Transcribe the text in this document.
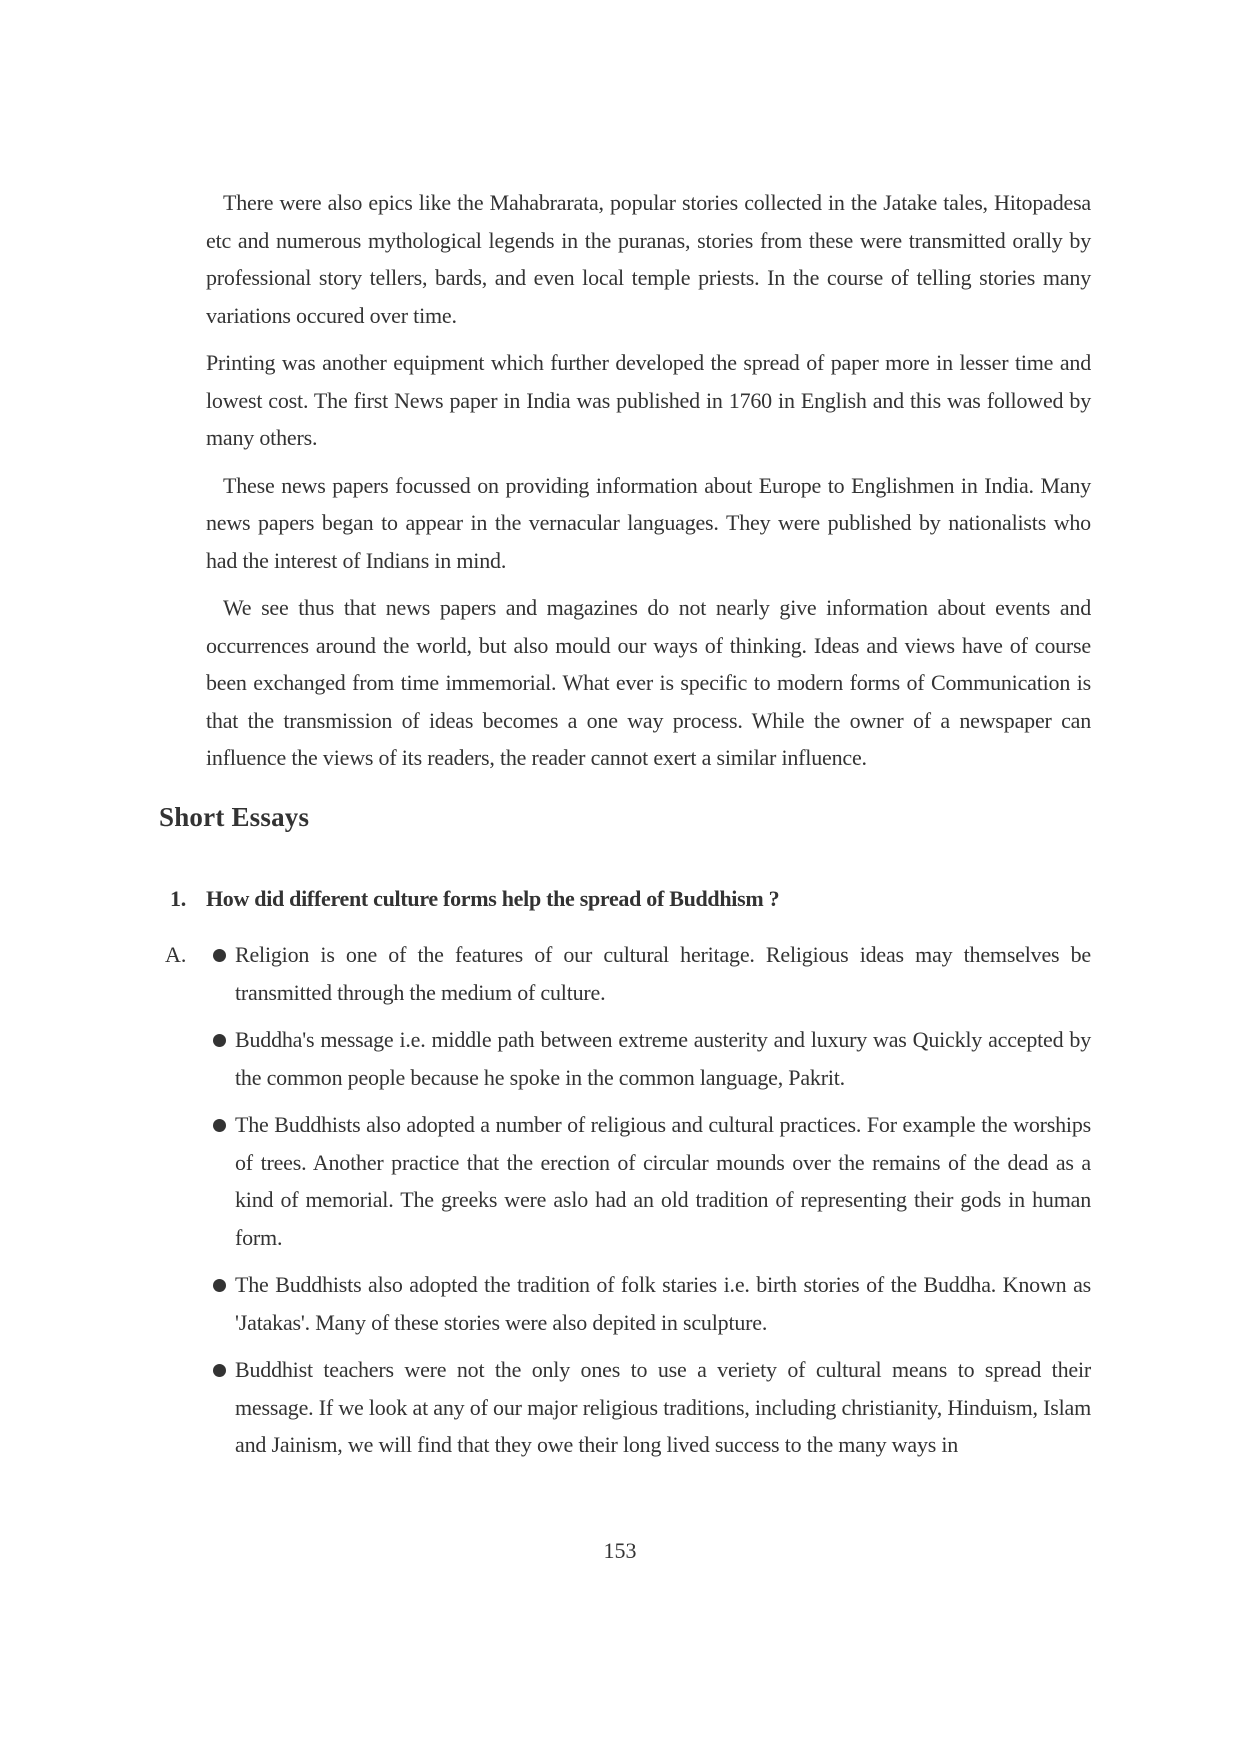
There were also epics like the Mahabrarata, popular stories collected in the Jatake tales, Hitopadesa etc and numerous mythological legends in the puranas, stories from these were transmitted orally by professional story tellers, bards, and even local temple priests. In the course of telling stories many variations occured over time.

Printing was another equipment which further developed the spread of paper more in lesser time and lowest cost. The first News paper in India was published in 1760 in English and this was followed by many others.

These news papers focussed on providing information about Europe to Englishmen in India. Many news papers began to appear in the vernacular languages. They were published by nationalists who had the interest of Indians in mind.

We see thus that news papers and magazines do not nearly give information about events and occurrences around the world, but also mould our ways of thinking. Ideas and views have of course been exchanged from time immemorial. What ever is specific to modern forms of Communication is that the transmission of ideas becomes a one way process. While the owner of a newspaper can influence the views of its readers, the reader cannot exert a similar influence.

Short Essays
1. How did different culture forms help the spread of Buddhism ?
A.	Religion is one of the features of our cultural heritage. Religious ideas may themselves be transmitted through the medium of culture.
Buddha's message i.e. middle path between extreme austerity and luxury was Quickly accepted by the common people because he spoke in the common language, Pakrit.
The Buddhists also adopted a number of religious and cultural practices. For example the worships of trees. Another practice that the erection of circular mounds over the remains of the dead as a kind of memorial. The greeks were aslo had an old tradition of representing their gods in human form.
The Buddhists also adopted the tradition of folk staries i.e. birth stories of the Buddha. Known as 'Jatakas'. Many of these stories were also depited in sculpture.
Buddhist teachers were not the only ones to use a veriety of cultural means to spread their message. If we look at any of our major religious traditions, including christianity, Hinduism, Islam and Jainism, we will find that they owe their long lived success to the many ways in
153
